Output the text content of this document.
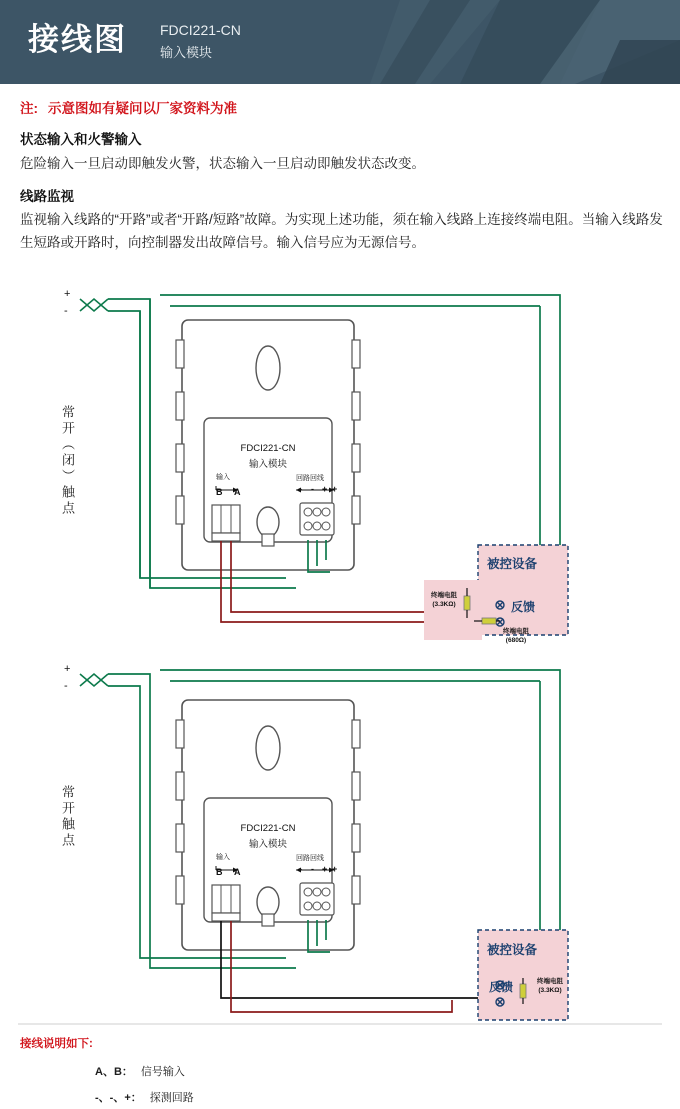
接线图 FDCI221-CN
输入模块
注: 示意图如有疑问以厂家资料为准
状态输入和火警输入
危险输入一旦启动即触发火警，状态输入一旦启动即触发状态改变。
线路监视
监视输入线路的“开路”或者“开路/短路”故障。为实现上述功能，须在输入线路上连接终端电阻。当输入线路发生短路或开路时，向控制器发出故障信号。输入信号应为无源信号。
+
-
+
-
常开（闭）触点
常开触点
FDCI221-CN
输入模块
FDCI221-CN
输入模块
输入
B A
回路回线
- - + +
输入
B A
回路回线
- - + +
被控设备
反馈
终端电阻
(3.3KΩ)
终端电阻
(680Ω)
被控设备
反馈	终端电阻
(3.3KΩ)
接线说明如下:
A、B： 信号输入
-、-、+： 探测回路
